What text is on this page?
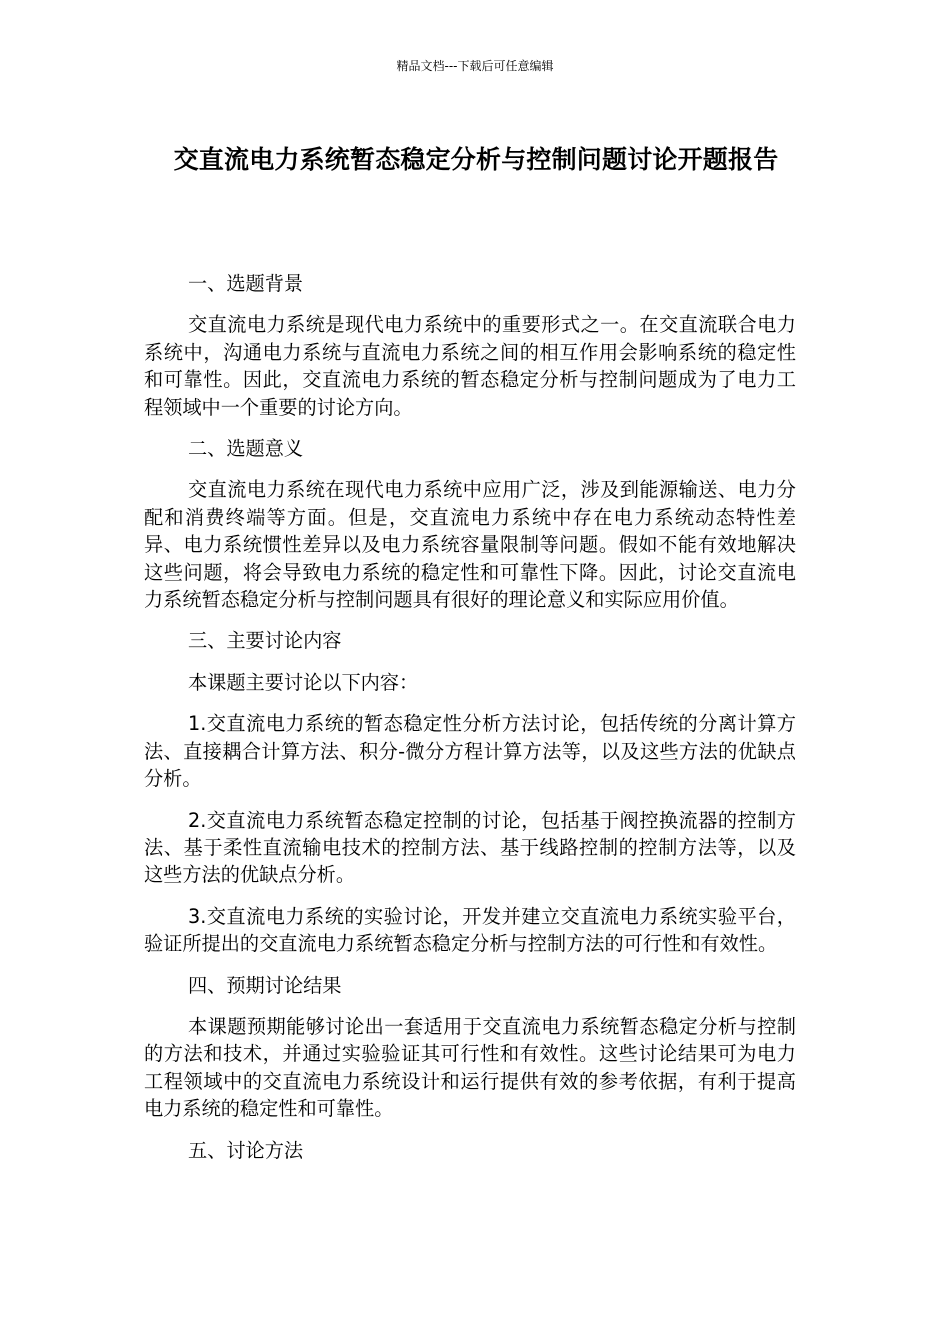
精品文档---下载后可任意编辑
交直流电力系统暂态稳定分析与控制问题讨论开题报告

一、选题背景

交直流电力系统是现代电力系统中的重要形式之一。在交直流联合电力系统中，沟通电力系统与直流电力系统之间的相互作用会影响系统的稳定性和可靠性。因此，交直流电力系统的暂态稳定分析与控制问题成为了电力工程领域中一个重要的讨论方向。

二、选题意义

交直流电力系统在现代电力系统中应用广泛，涉及到能源输送、电力分配和消费终端等方面。但是，交直流电力系统中存在电力系统动态特性差异、电力系统惯性差异以及电力系统容量限制等问题。假如不能有效地解决这些问题，将会导致电力系统的稳定性和可靠性下降。因此，讨论交直流电力系统暂态稳定分析与控制问题具有很好的理论意义和实际应用价值。

三、主要讨论内容

本课题主要讨论以下内容：

1.交直流电力系统的暂态稳定性分析方法讨论，包括传统的分离计算方法、直接耦合计算方法、积分-微分方程计算方法等，以及这些方法的优缺点分析。

2.交直流电力系统暂态稳定控制的讨论，包括基于阀控换流器的控制方法、基于柔性直流输电技术的控制方法、基于线路控制的控制方法等，以及这些方法的优缺点分析。

3.交直流电力系统的实验讨论，开发并建立交直流电力系统实验平台，验证所提出的交直流电力系统暂态稳定分析与控制方法的可行性和有效性。

四、预期讨论结果

本课题预期能够讨论出一套适用于交直流电力系统暂态稳定分析与控制的方法和技术，并通过实验验证其可行性和有效性。这些讨论结果可为电力工程领域中的交直流电力系统设计和运行提供有效的参考依据，有利于提高电力系统的稳定性和可靠性。

五、讨论方法
